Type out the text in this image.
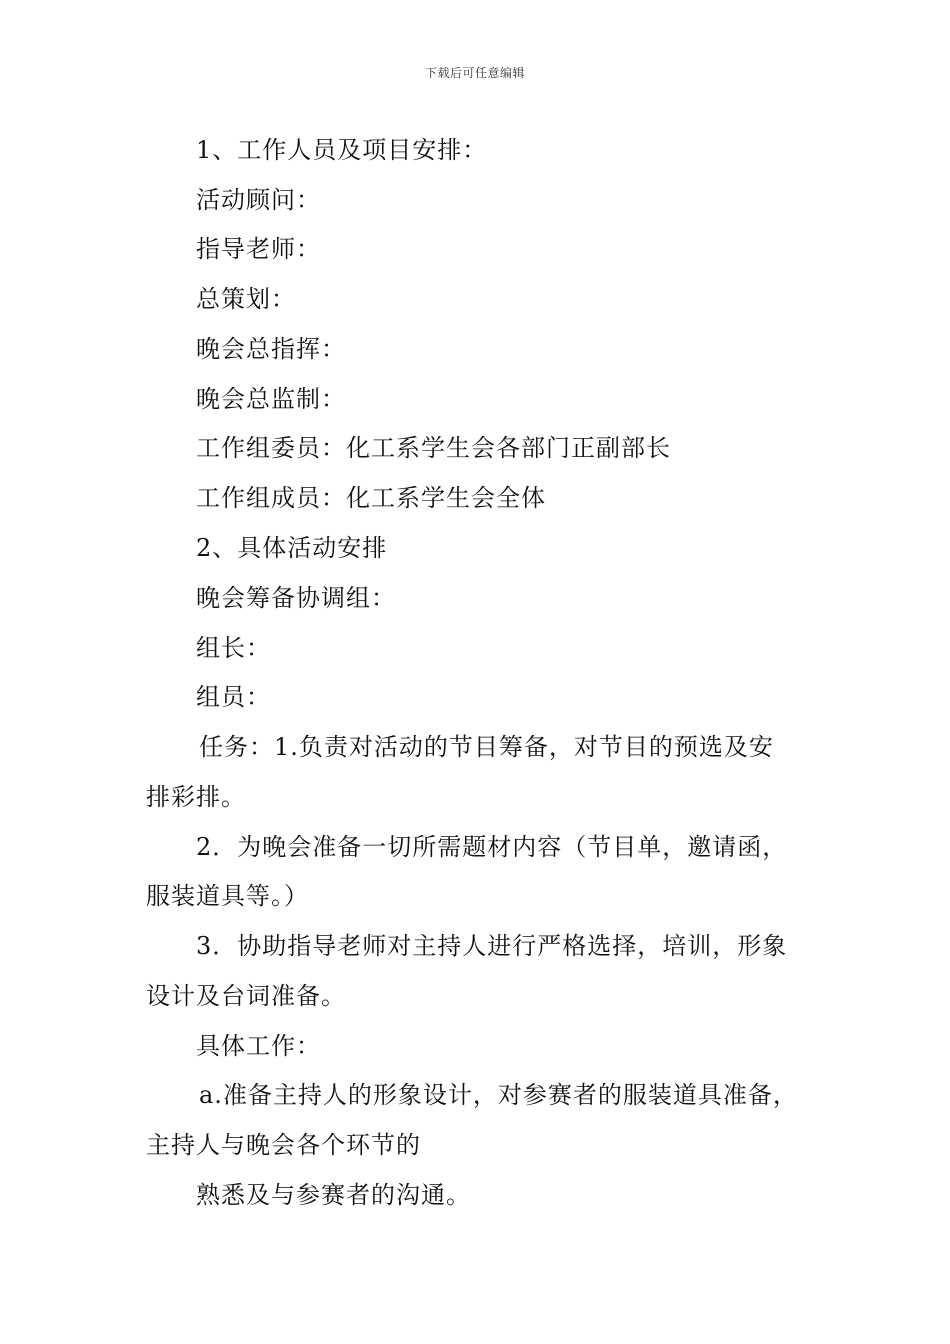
下载后可任意编辑
1、工作人员及项目安排：
活动顾问：
指导老师：
总策划：
晚会总指挥：
晚会总监制：
工作组委员：化工系学生会各部门正副部长
工作组成员：化工系学生会全体
2、具体活动安排
晚会筹备协调组：
组长：
组员：
任务：1.负责对活动的节目筹备，对节目的预选及安
排彩排。
2．为晚会准备一切所需题材内容（节目单，邀请函，
服装道具等。）
3．协助指导老师对主持人进行严格选择，培训，形象
设计及台词准备。
具体工作：
a.准备主持人的形象设计，对参赛者的服装道具准备，
主持人与晚会各个环节的
熟悉及与参赛者的沟通。
